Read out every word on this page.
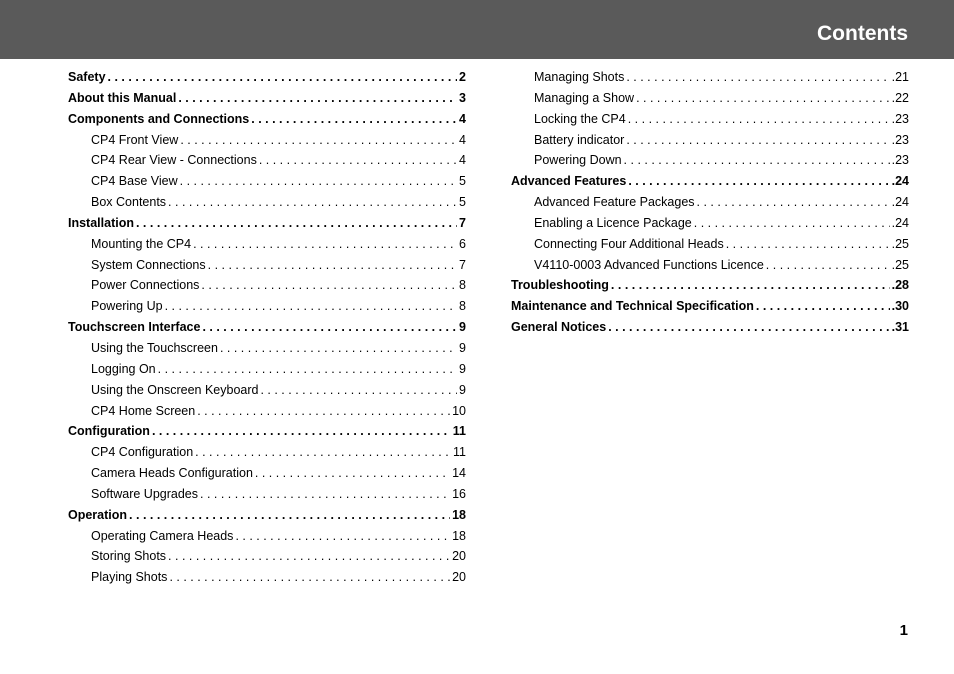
Contents
Safety . . .	2
About this Manual . . .	3
Components and Connections . . .	4
CP4 Front View . . .	4
CP4 Rear View - Connections . . .	4
CP4 Base View . . .	5
Box Contents . . .	5
Installation . . .	7
Mounting the CP4 . . .	6
System Connections . . .	7
Power Connections . . .	8
Powering Up . . .	8
Touchscreen Interface . . .	9
Using the Touchscreen . . .	9
Logging On . . .	9
Using the Onscreen Keyboard . . .	9
CP4 Home Screen . . .	10
Configuration . . .	11
CP4 Configuration . . .	11
Camera Heads Configuration . . .	14
Software Upgrades . . .	16
Operation . . .	18
Operating Camera Heads . . .	18
Storing Shots . . .	20
Playing Shots . . .	20
Managing Shots . . .	.21
Managing a Show . . .	.22
Locking the CP4 . . .	.23
Battery indicator . . .	.23
Powering Down . . .	.23
Advanced Features . . .	.24
Advanced Feature Packages . . .	.24
Enabling a Licence Package . . .	.24
Connecting Four Additional Heads . . .	.25
V4110-0003 Advanced Functions Licence . . .	.25
Troubleshooting . . .	.28
Maintenance and Technical Specification . . .	.30
General Notices . . .	.31
1
